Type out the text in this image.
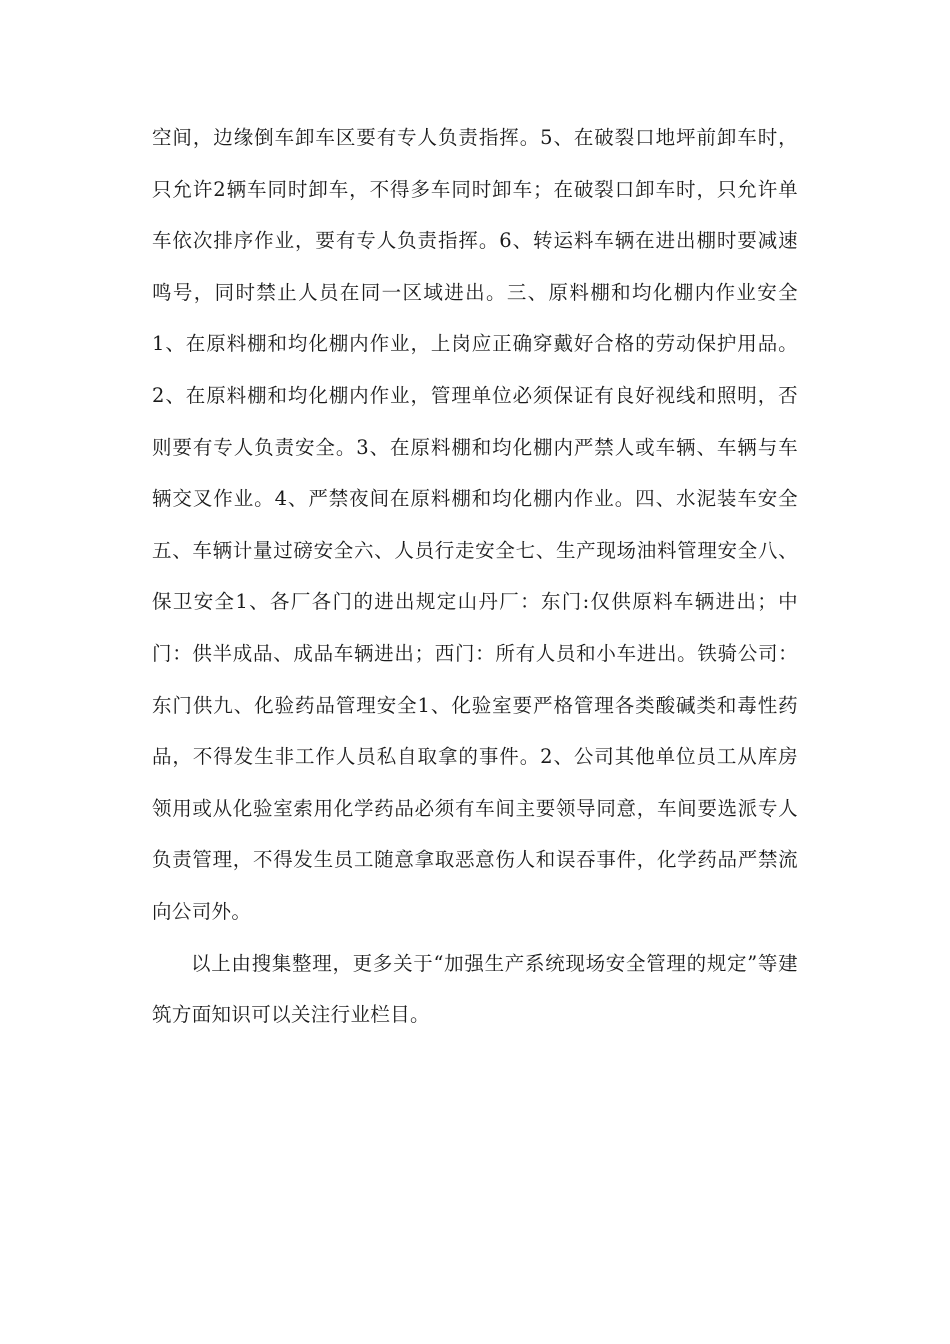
空间，边缘倒车卸车区要有专人负责指挥。5、在破裂口地坪前卸车时，只允许2辆车同时卸车，不得多车同时卸车；在破裂口卸车时，只允许单车依次排序作业，要有专人负责指挥。6、转运料车辆在进出棚时要减速鸣号，同时禁止人员在同一区域进出。三、原料棚和均化棚内作业安全1、在原料棚和均化棚内作业，上岗应正确穿戴好合格的劳动保护用品。2、在原料棚和均化棚内作业，管理单位必须保证有良好视线和照明，否则要有专人负责安全。3、在原料棚和均化棚内严禁人或车辆、车辆与车辆交叉作业。4、严禁夜间在原料棚和均化棚内作业。四、水泥装车安全五、车辆计量过磅安全六、人员行走安全七、生产现场油料管理安全八、保卫安全1、各厂各门的进出规定山丹厂：东门:仅供原料车辆进出；中门：供半成品、成品车辆进出；西门：所有人员和小车进出。铁骑公司：东门供九、化验药品管理安全1、化验室要严格管理各类酸碱类和毒性药品，不得发生非工作人员私自取拿的事件。2、公司其他单位员工从库房领用或从化验室索用化学药品必须有车间主要领导同意，车间要选派专人负责管理，不得发生员工随意拿取恶意伤人和误吞事件，化学药品严禁流向公司外。

以上由搜集整理，更多关于“加强生产系统现场安全管理的规定”等建筑方面知识可以关注行业栏目。
